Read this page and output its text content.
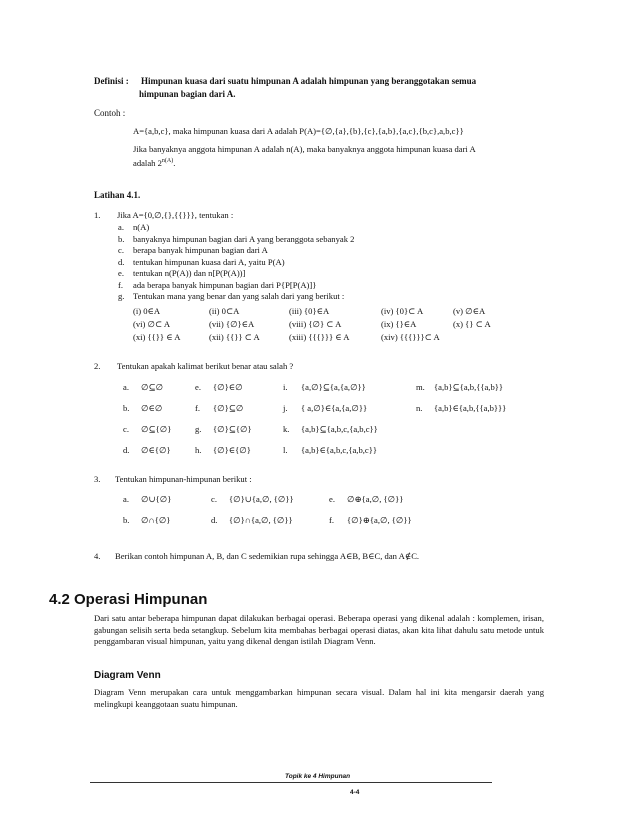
Definisi : Himpunan kuasa dari suatu himpunan A adalah himpunan yang beranggotakan semua
himpunan bagian dari A.
Contoh :
A={a,b,c}, maka himpunan kuasa dari A adalah P(A)={∅,{a},{b},{c},{a,b},{a,c},{b,c},a,b,c}}
Jika banyaknya anggota himpunan A adalah n(A), maka banyaknya anggota himpunan kuasa dari A
adalah $2^{n(A)}$.
Latihan 4.1.
1. Jika A={0,∅,{},{{}}}, tentukan :
a. n(A)
b. banyaknya himpunan bagian dari A yang beranggota sebanyak 2
c. berapa banyak himpunan bagian dari A
d. tentukan himpunan kuasa dari A, yaitu P(A)
e. tentukan n(P(A)) dan n[P(P(A))]
f. ada berapa banyak himpunan bagian dari P{P[P(A)]}
g. Tentukan mana yang benar dan yang salah dari yang berikut :
(i) 0∈A	(ii) 0⊂A	(iii) {0}∈A	(iv) {0}⊂ A	(v) ∅∈A
(vi) ∅⊂ A	(vii) {∅}∈A	(viii) {∅} ⊂ A	(ix) {}∈A	(x) {} ⊂ A
(xi) {{}} ∈ A	(xii) {{}} ⊂ A	(xiii) {{{}}} ∈ A	(xiv) {{{}}}⊂ A
2. Tentukan apakah kalimat berikut benar atau salah ?
a. ∅⊆∅	e. {∅}∈∅	i. {a,∅}⊆{a,{a,∅}}	m. {a,b}⊆{a,b,{{a,b}}
b. ∅∈∅	f. {∅}⊆∅	j. { a,∅}∈{a,{a,∅}}	n. {a,b}∈{a,b,{{a,b}}}
c. ∅⊆{∅}	g. {∅}⊆{∅}	k. {a,b}⊆{a,b,c,{a,b,c}}
d. ∅∈{∅}	h. {∅}∈{∅}	l. {a,b}∈{a,b,c,{a,b,c}}
3. Tentukan himpunan-himpunan berikut :
a. ∅∪{∅}	c. {∅}∪{a,∅, {∅}}	e. ∅⊕{a,∅, {∅}}
b. ∅∩{∅}	d. {∅}∩{a,∅, {∅}}	f. {∅}⊕{a,∅, {∅}}
4. Berikan contoh himpunan A, B, dan C sedemikian rupa sehingga A∈B, B∈C, dan A∉C.
4.2 Operasi Himpunan
Dari satu antar beberapa himpunan dapat dilakukan berbagai operasi. Beberapa operasi yang dikenal adalah : komplemen, irisan, gabungan selisih serta beda setangkup. Sebelum kita membahas berbagai operasi diatas, akan kita lihat dahulu satu metode untuk penggambaran visual himpunan, yaitu yang dikenal dengan istilah Diagram Venn.
Diagram Venn
Diagram Venn merupakan cara untuk menggambarkan himpunan secara visual. Dalam hal ini kita mengarsir daerah yang melingkupi keanggotaan suatu himpunan.
Topik ke 4 Himpunan
4-4
